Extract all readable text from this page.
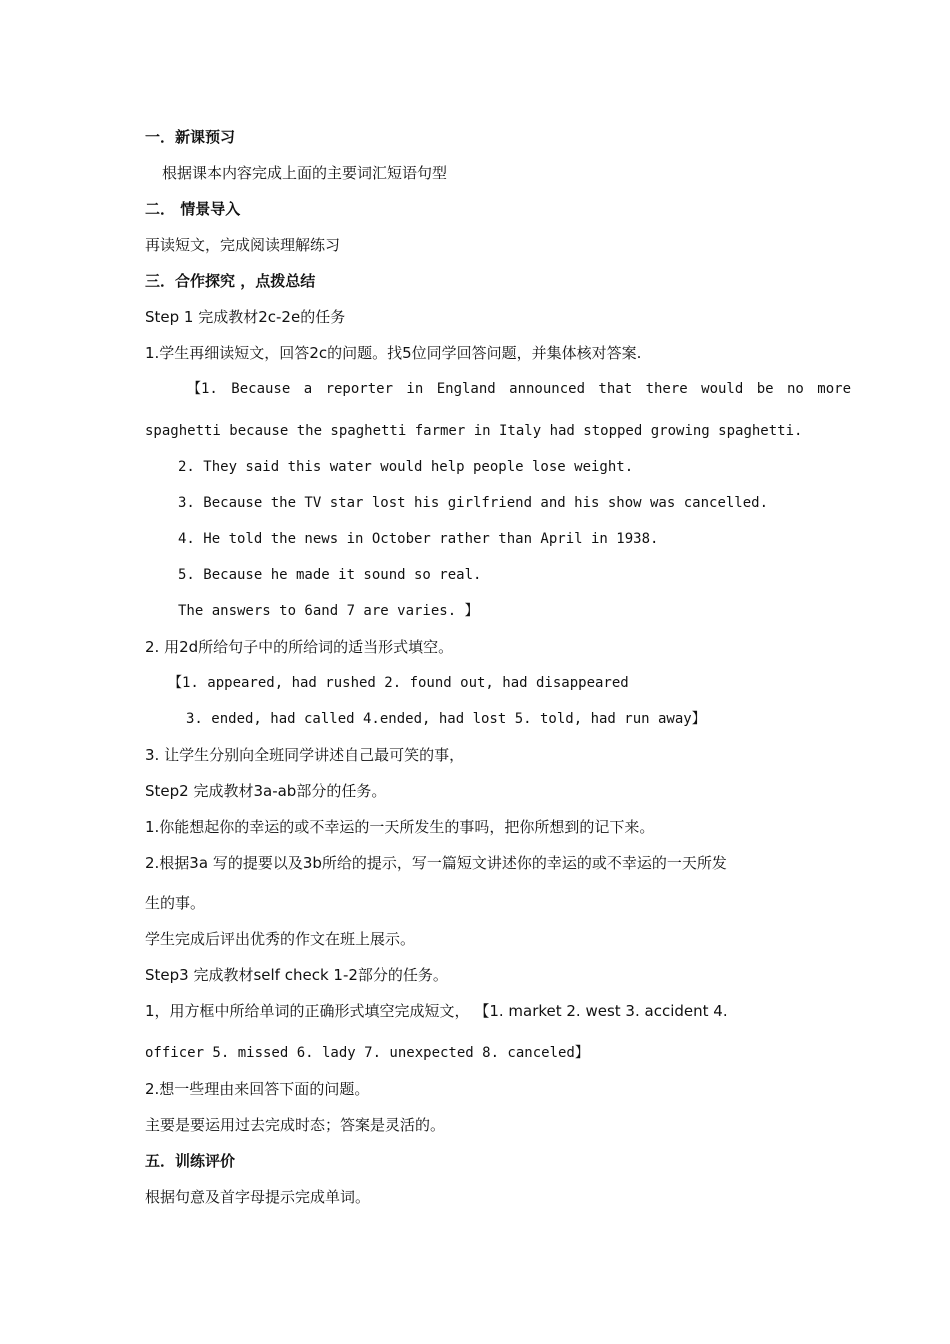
一．新课预习
根据课本内容完成上面的主要词汇短语句型
二． 情景导入
再读短文，完成阅读理解练习
三．合作探究 ，点拨总结
Step 1 完成教材2c-2e的任务
1.学生再细读短文，回答2c的问题。找5位同学回答问题，并集体核对答案.
【1. Because a reporter in England announced that there would be no more
spaghetti because the spaghetti farmer in Italy had stopped growing spaghetti.
2. They said this water would help people lose weight.
3. Because the TV star lost his girlfriend and his show was cancelled.
4. He told the news in October rather than April in 1938.
5. Because he made it sound so real.
The answers to 6and 7 are varies. 】
2. 用2d所给句子中的所给词的适当形式填空。
【1. appeared, had rushed 2. found out, had disappeared
3. ended, had called 4.ended, had lost 5. told, had run away】
3. 让学生分别向全班同学讲述自己最可笑的事，
Step2 完成教材3a-ab部分的任务。
1.你能想起你的幸运的或不幸运的一天所发生的事吗，把你所想到的记下来。
2.根据3a 写的提要以及3b所给的提示，写一篇短文讲述你的幸运的或不幸运的一天所发
生的事。
学生完成后评出优秀的作文在班上展示。
Step3 完成教材self check 1-2部分的任务。
1，用方框中所给单词的正确形式填空完成短文， 【1. market 2. west 3. accident 4.
officer 5. missed 6. lady 7. unexpected 8. canceled】
2.想一些理由来回答下面的问题。
主要是要运用过去完成时态；答案是灵活的。
五．训练评价
根据句意及首字母提示完成单词。
